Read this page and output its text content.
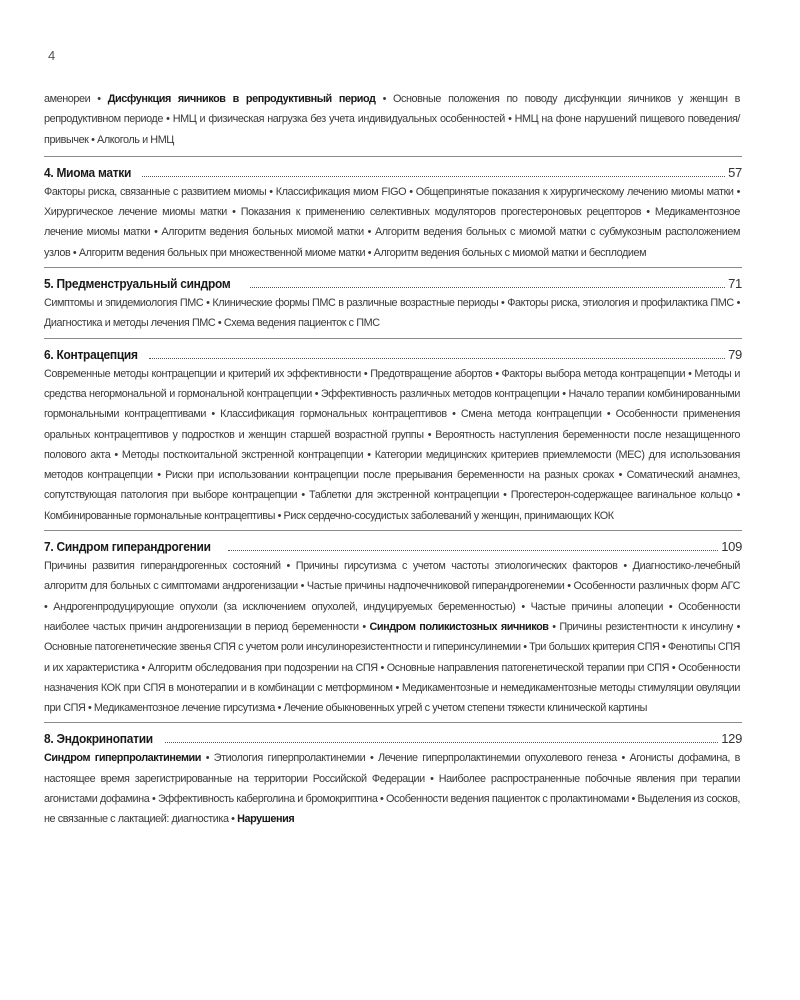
4
аменореи • Дисфункция яичников в репродуктивный период • Основные положения по поводу дисфункции яичников у женщин в репродуктивном периоде • НМЦ и физическая нагрузка без учета индивидуальных особенностей • НМЦ на фоне нарушений пищевого поведения/привычек • Алкоголь и НМЦ
4. Миома матки	57
Факторы риска, связанные с развитием миомы • Классификация миом FIGO • Общепринятые показания к хирургическому лечению миомы матки • Хирургическое лечение миомы матки • Показания к применению селективных модуляторов прогестероновых рецепторов • Медикаментозное лечение миомы матки • Алгоритм ведения больных миомой матки • Алгоритм ведения больных с миомой матки с субмукозным расположением узлов • Алгоритм ведения больных при множественной миоме матки • Алгоритм ведения больных с миомой матки и бесплодием
5. Предменструальный синдром	71
Симптомы и эпидемиология ПМС • Клинические формы ПМС в различные возрастные периоды • Факторы риска, этиология и профилактика ПМС • Диагностика и методы лечения ПМС • Схема ведения пациенток с ПМС
6. Контрацепция	79
Современные методы контрацепции и критерий их эффективности • Предотвращение абортов • Факторы выбора метода контрацепции • Методы и средства негормональной и гормональной контрацепции • Эффективность различных методов контрацепции • Начало терапии комбинированными гормональными контрацептивами • Классификация гормональных контрацептивов • Смена метода контрацепции • Особенности применения оральных контрацептивов у подростков и женщин старшей возрастной группы • Вероятность наступления беременности после незащищенного полового акта • Методы посткоитальной экстренной контрацепции • Категории медицинских критериев приемлемости (МЕС) для использования методов контрацепции • Риски при использовании контрацепции после прерывания беременности на разных сроках • Соматический анамнез, сопутствующая патология при выборе контрацепции • Таблетки для экстренной контрацепции • Прогестерон-содержащее вагинальное кольцо • Комбинированные гормональные контрацептивы • Риск сердечно-сосудистых заболеваний у женщин, принимающих КОК
7. Синдром гиперандрогении	109
Причины развития гиперандрогенных состояний • Причины гирсутизма с учетом частоты этиологических факторов • Диагностико-лечебный алгоритм для больных с симптомами андрогенизации • Частые причины надпочечниковой гиперандрогенемии • Особенности различных форм АГС • Андрогенпродуцирующие опухоли (за исключением опухолей, индуцируемых беременностью) • Частые причины алопеции • Особенности наиболее частых причин андрогенизации в период беременности • Синдром поликистозных яичников • Причины резистентности к инсулину • Основные патогенетические звенья СПЯ с учетом роли инсулинорезистентности и гиперинсулинемии • Три больших критерия СПЯ • Фенотипы СПЯ и их характеристика • Алгоритм обследования при подозрении на СПЯ • Основные направления патогенетической терапии при СПЯ • Особенности назначения КОК при СПЯ в монотерапии и в комбинации с метформином • Медикаментозные и немедикаментозные методы стимуляции овуляции при СПЯ • Медикаментозное лечение гирсутизма • Лечение обыкновенных угрей с учетом степени тяжести клинической картины
8. Эндокринопатии	129
Синдром гиперпролактинемии • Этиология гиперпролактинемии • Лечение гиперпролактинемии опухолевого генеза • Агонисты дофамина, в настоящее время зарегистрированные на территории Российской Федерации • Наиболее распространенные побочные явления при терапии агонистами дофамина • Эффективность каберголина и бромокриптина • Особенности ведения пациенток с пролактиномами • Выделения из сосков, не связанные с лактацией: диагностика • Нарушения
